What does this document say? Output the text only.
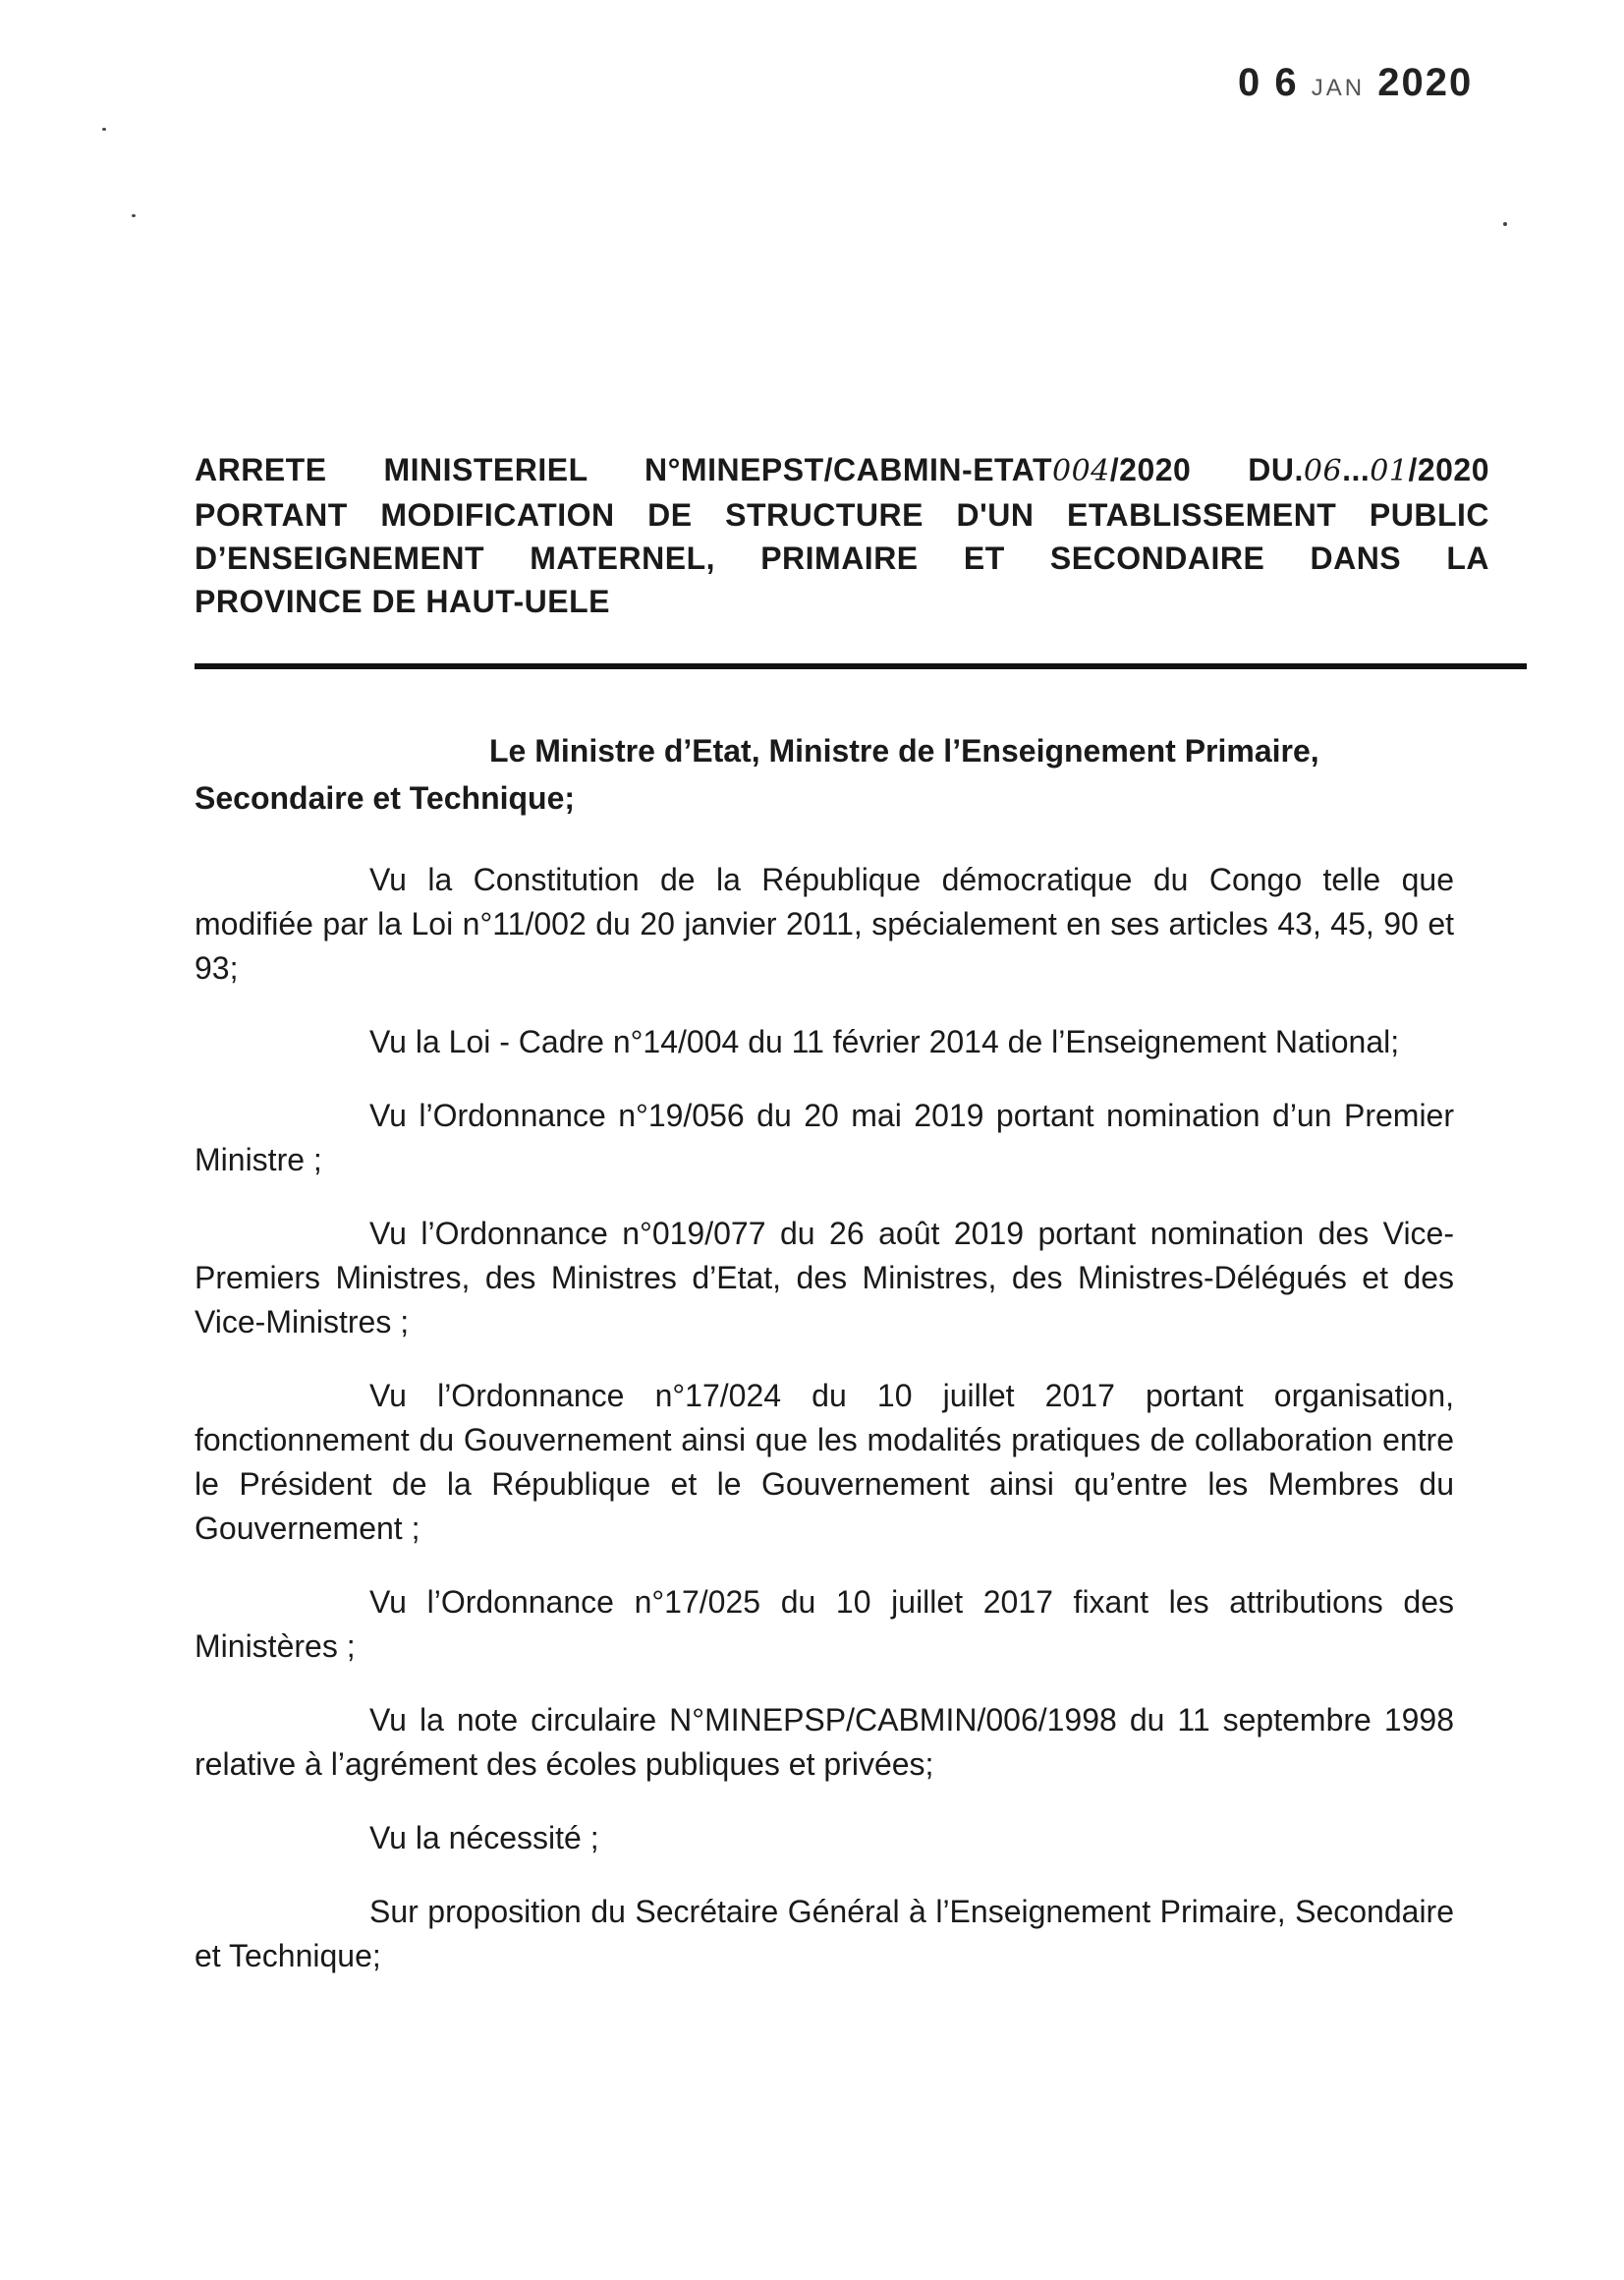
0 6 JAN 2020
ARRETE MINISTERIEL N°MINEPST/CABMIN-ETAT004/2020 DU.06...01/2020
PORTANT MODIFICATION DE STRUCTURE D'UN ETABLISSEMENT PUBLIC
D’ENSEIGNEMENT MATERNEL, PRIMAIRE ET SECONDAIRE DANS LA
PROVINCE DE HAUT-UELE
Le Ministre d’Etat, Ministre de l’Enseignement Primaire,
Secondaire et Technique;

Vu la Constitution de la République démocratique du Congo telle que modifiée par la Loi n°11/002 du 20 janvier 2011, spécialement en ses articles 43, 45, 90 et 93;

Vu la Loi - Cadre n°14/004 du 11 février 2014 de l’Enseignement National;

Vu l’Ordonnance n°19/056 du 20 mai 2019 portant nomination d’un Premier Ministre ;

Vu l’Ordonnance n°019/077 du 26 août 2019 portant nomination des Vice-Premiers Ministres, des Ministres d’Etat, des Ministres, des Ministres-Délégués et des Vice-Ministres ;

Vu l’Ordonnance n°17/024 du 10 juillet 2017 portant organisation, fonctionnement du Gouvernement ainsi que les modalités pratiques de collaboration entre le Président de la République et le Gouvernement ainsi qu’entre les Membres du Gouvernement ;

Vu l’Ordonnance n°17/025 du 10 juillet 2017 fixant les attributions des Ministères ;

Vu la note circulaire N°MINEPSP/CABMIN/006/1998 du 11 septembre 1998 relative à l’agrément des écoles publiques et privées;

Vu la nécessité ;

Sur proposition du Secrétaire Général à l’Enseignement Primaire, Secondaire et Technique;
